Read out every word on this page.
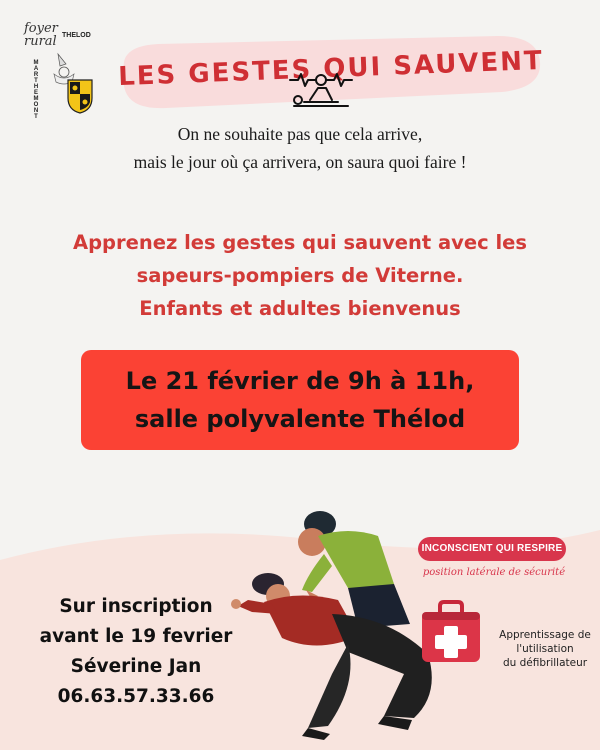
foyer
rural THELOD
MARTHEMONT	LES GESTES QUI SAUVENT
On ne souhaite pas que cela arrive,
mais le jour où ça arrivera, on saura quoi faire !
Apprenez les gestes qui sauvent avec les
sapeurs-pompiers de Viterne.
Enfants et adultes bienvenus
Le 21 février de 9h à 11h,
salle polyvalente Thélod
INCONSCIENT QUI RESPIRE
position latérale de sécurité
Apprentissage de
l'utilisation
du défibrillateur
Sur inscription
avant le 19 fevrier
Séverine Jan
06.63.57.33.66
